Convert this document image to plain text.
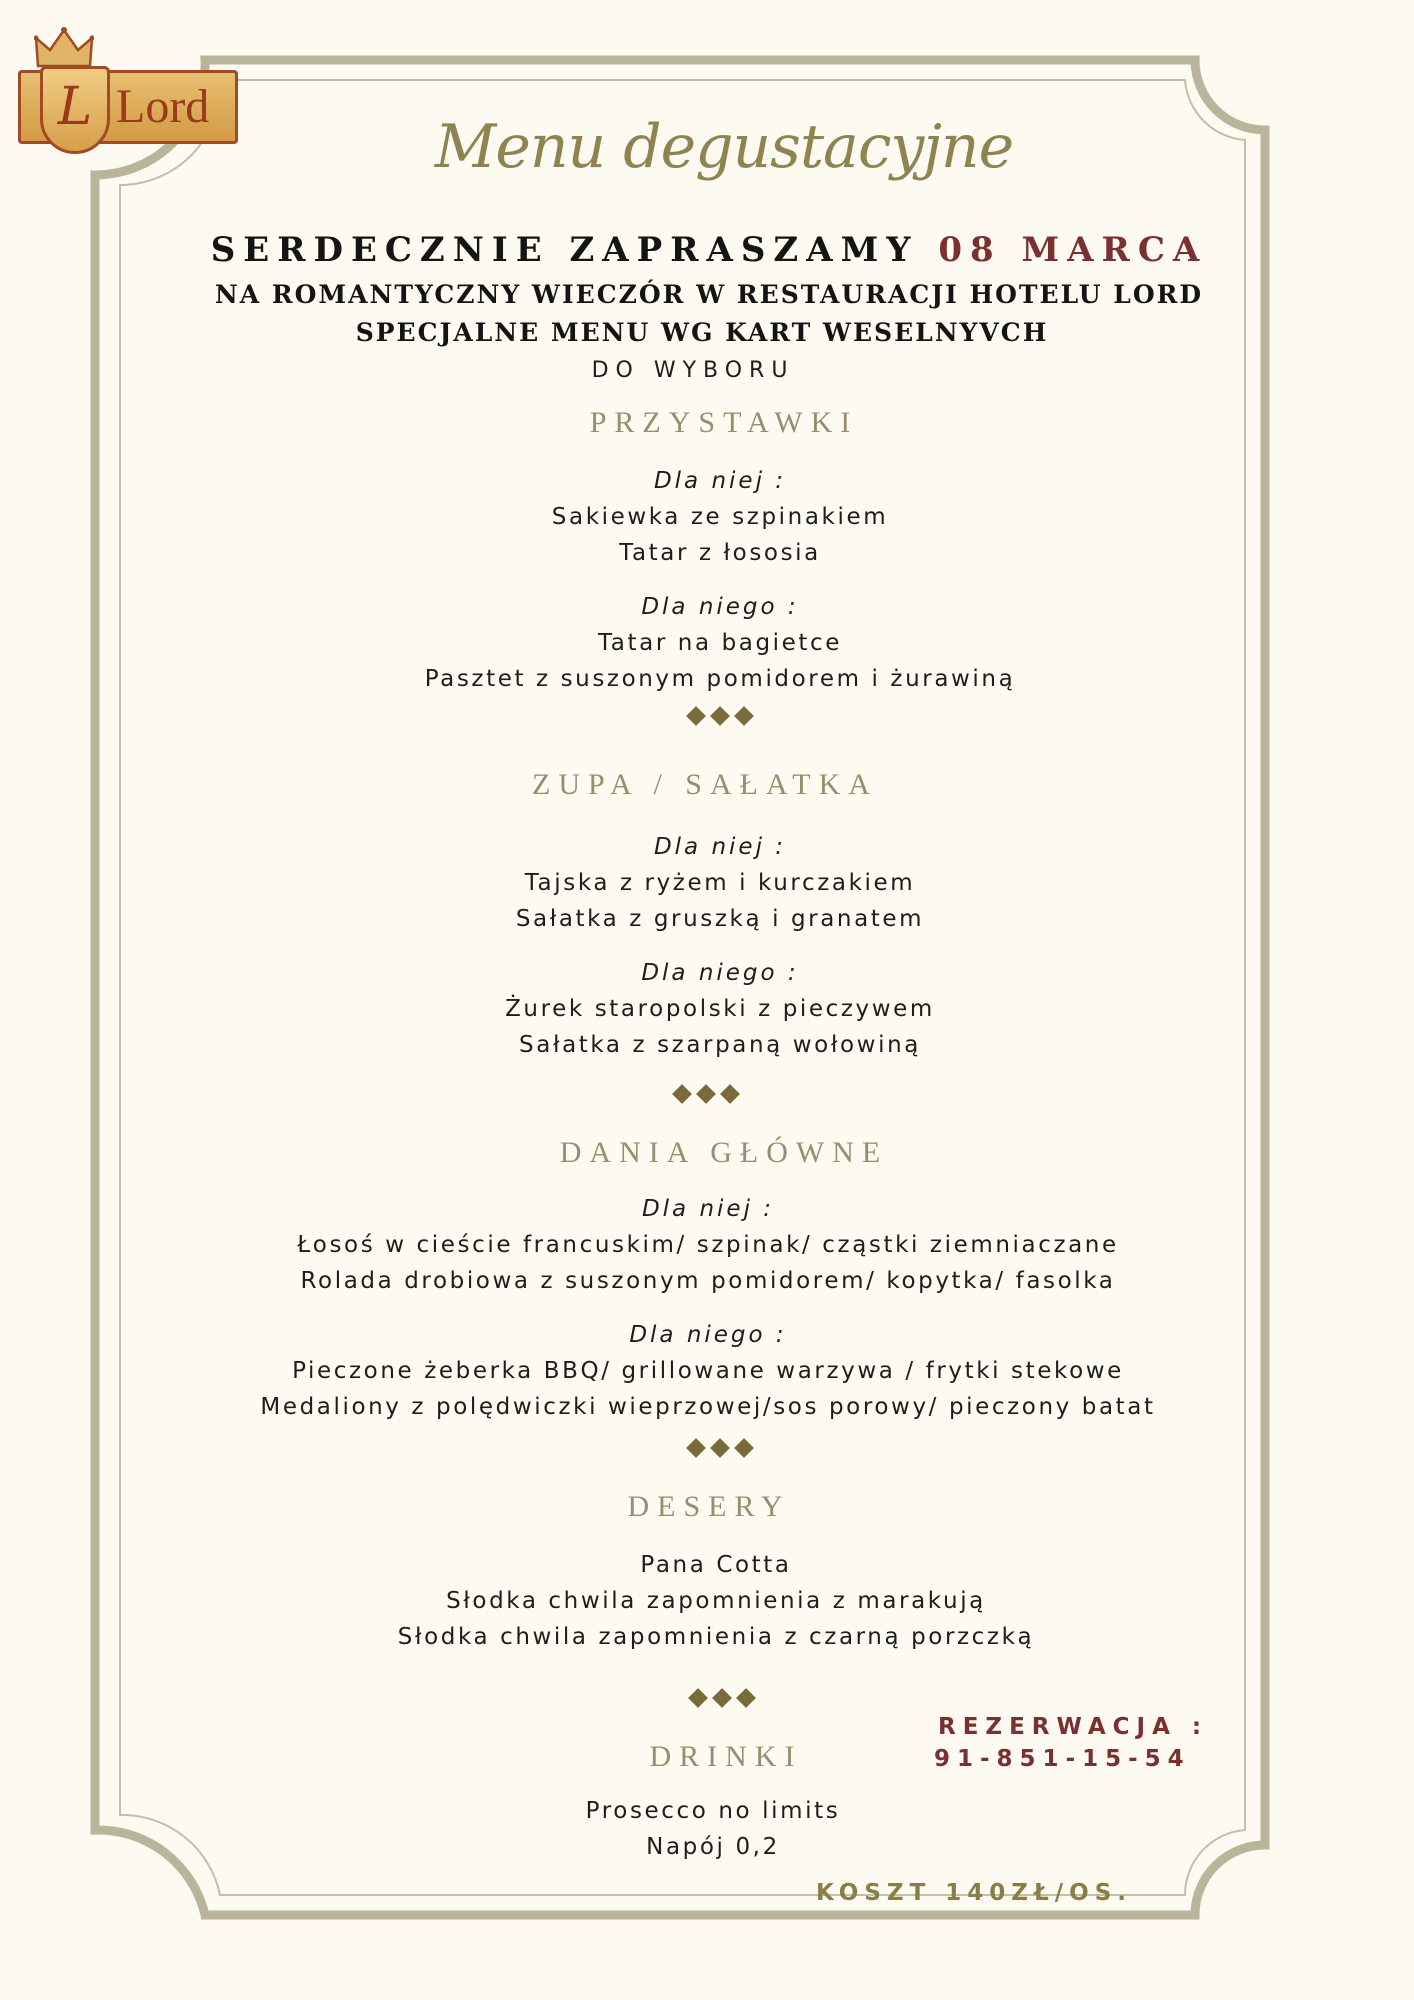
L Lord
Menu degustacyjne
SERDECZNIE ZAPRASZAMY 08 MARCA
NA ROMANTYCZNY WIECZÓR W RESTAURACJI HOTELU LORD
SPECJALNE MENU WG KART WESELNYVCH
DO WYBORU
PRZYSTAWKI
Dla niej :
Sakiewka ze szpinakiem
Tatar z łososia
Dla niego :
Tatar na bagietce
Pasztet z suszonym pomidorem i żurawiną
ZUPA / SAŁATKA
Dla niej :
Tajska z ryżem i kurczakiem
Sałatka z gruszką i granatem
Dla niego :
Żurek staropolski z pieczywem
Sałatka z szarpaną wołowiną
DANIA GŁÓWNE
Dla niej :
Łosoś w cieście francuskim/ szpinak/ cząstki ziemniaczane
Rolada drobiowa z suszonym pomidorem/ kopytka/ fasolka
Dla niego :
Pieczone żeberka BBQ/ grillowane warzywa / frytki stekowe
Medaliony z polędwiczki wieprzowej/sos porowy/ pieczony batat
DESERY
Pana Cotta
Słodka chwila zapomnienia z marakują
Słodka chwila zapomnienia z czarną porzczką
DRINKI
Prosecco no limits
Napój 0,2
REZERWACJA :
91-851-15-54
KOSZT 140ZŁ/OS.
